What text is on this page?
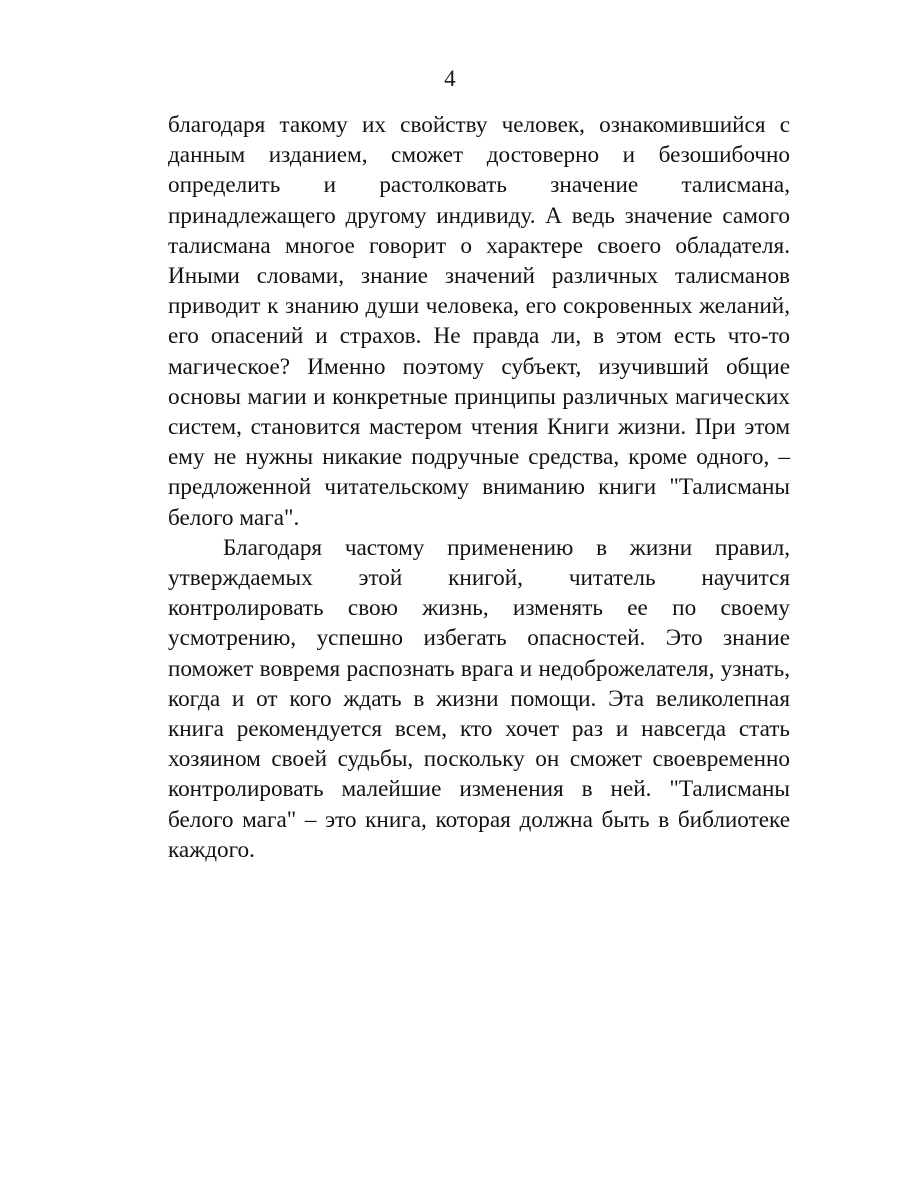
4

благодаря такому их свойству человек, ознакомившийся с данным изданием, сможет достоверно и безошибочно определить и растолковать значение талисмана, принадлежащего другому индивиду. А ведь значение самого талисмана многое говорит о характере своего обладателя. Иными словами, знание значений различных талисманов приводит к знанию души человека, его сокровенных желаний, его опасений и страхов. Не правда ли, в этом есть что-то магическое? Именно поэтому субъект, изучивший общие основы магии и конкретные принципы различных магических систем, становится мастером чтения Книги жизни. При этом ему не нужны никакие подручные средства, кроме одного, – предложенной читательскому вниманию книги "Талисманы белого мага".

Благодаря частому применению в жизни правил, утверждаемых этой книгой, читатель научится контролировать свою жизнь, изменять ее по своему усмотрению, успешно избегать опасностей. Это знание поможет вовремя распознать врага и недоброжелателя, узнать, когда и от кого ждать в жизни помощи. Эта великолепная книга рекомендуется всем, кто хочет раз и навсегда стать хозяином своей судьбы, поскольку он сможет своевременно контролировать малейшие изменения в ней. "Талисманы белого мага" – это книга, которая должна быть в библиотеке каждого.
